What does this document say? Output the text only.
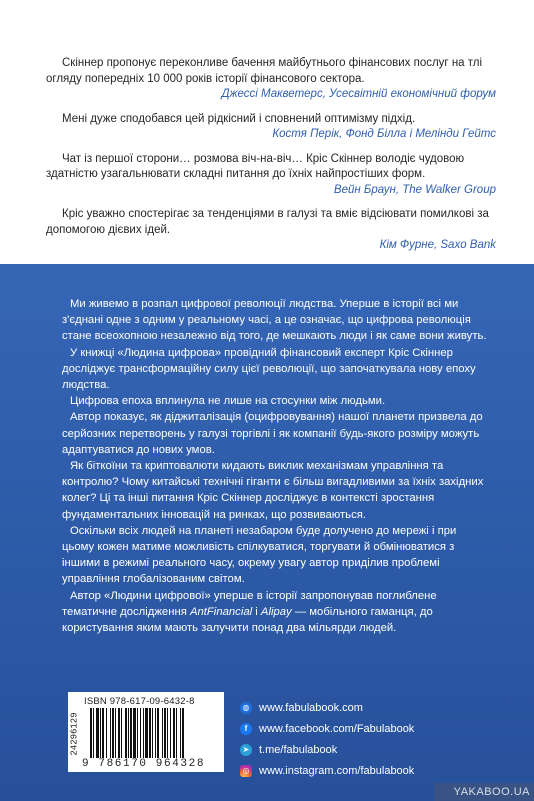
Скіннер пропонує переконливе бачення майбутнього фінансових послуг на тлі огляду попередніх 10 000 років історії фінансового сектора.

Джессі Макветерс, Усесвітній економічний форум

Мені дуже сподобався цей рідкісний і сповнений оптимізму підхід.

Костя Перік, Фонд Білла і Мелінди Гейтс

Чат із першої сторони… розмова віч-на-віч… Кріс Скіннер володіє чудовою здатністю узагальнювати складні питання до їхніх найпростіших форм.

Вейн Браун, The Walker Group

Кріс уважно спостерігає за тенденціями в галузі та вміє відсіювати помилкові за допомогою дієвих ідей.

Кім Фурне, Saxo Bank

Ми живемо в розпал цифрової революції людства. Уперше в історії всі ми з'єднані одне з одним у реальному часі, а це означає, що цифрова революція стане всеохопною незалежно від того, де мешкають люди і як саме вони живуть.

У книжці «Людина цифрова» провідний фінансовий експерт Кріс Скіннер досліджує трансформаційну силу цієї революції, що започаткувала нову епоху людства.

Цифрова епоха вплинула не лише на стосунки між людьми.

Автор показує, як діджиталізація (оцифровування) нашої планети призвела до серйозних перетворень у галузі торгівлі і як компанії будь-якого розміру можуть адаптуватися до нових умов.

Як біткоїни та криптовалюти кидають виклик механізмам управління та контролю? Чому китайські технічні гіганти є більш вигадливими за їхніх західних колег? Ці та інші питання Кріс Скіннер досліджує в контексті зростання фундаментальних інновацій на ринках, що розвиваються.

Оскільки всіх людей на планеті незабаром буде долучено до мережі і при цьому кожен матиме можливість спілкуватися, торгувати й обмінюватися з іншими в режимі реального часу, окрему увагу автор приділив проблемі управління глобалізованим світом.

Автор «Людини цифрової» уперше в історії запропонував поглиблене тематичне дослідження AntFinancial і Alipay — мобільного гаманця, до користування яким мають залучити понад два мільярди людей.

ISBN 978-617-09-6432-8
24296129
9 786170 964328
◍ www.fabulabook.com
f	www.facebook.com/Fabulabook
➤ t.me/fabulabook
◎ www.instagram.com/fabulabook
YAKABOO.UA
